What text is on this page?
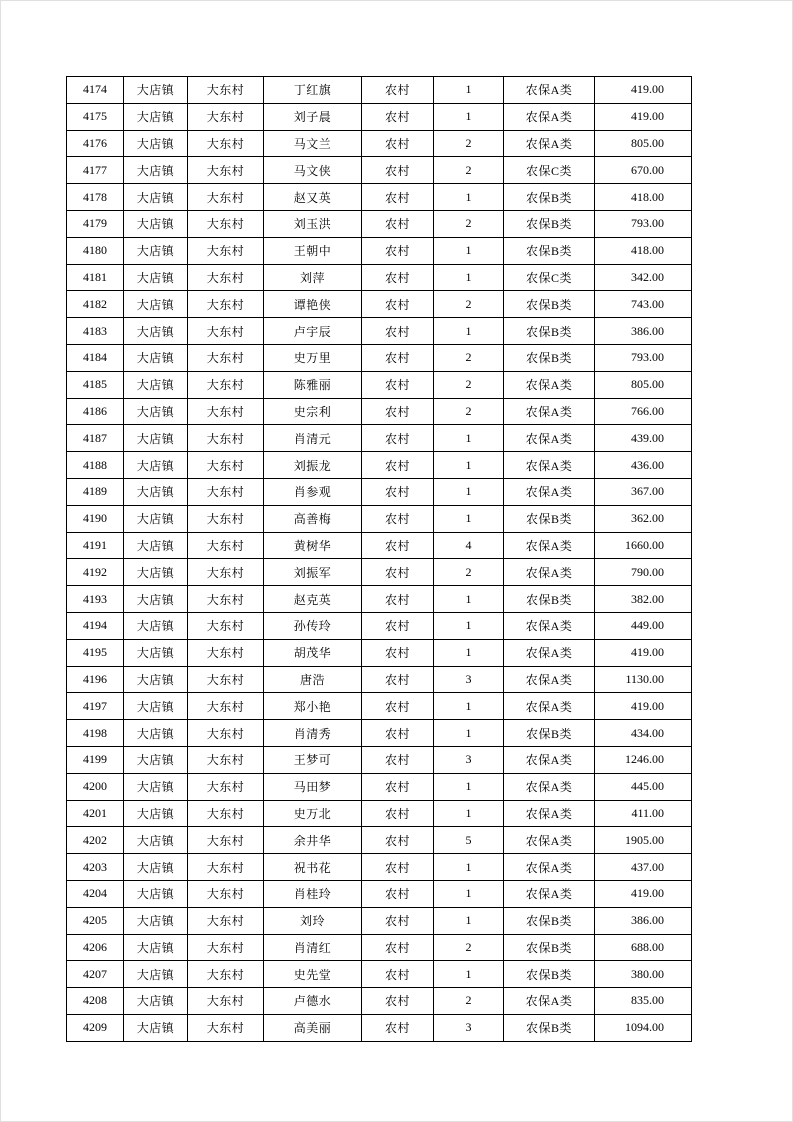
4174	大店镇	大东村	丁红旗	农村	1	农保A类	419.00
4175	大店镇	大东村	刘子晨	农村	1	农保A类	419.00
4176	大店镇	大东村	马文兰	农村	2	农保A类	805.00
4177	大店镇	大东村	马文侠	农村	2	农保C类	670.00
4178	大店镇	大东村	赵又英	农村	1	农保B类	418.00
4179	大店镇	大东村	刘玉洪	农村	2	农保B类	793.00
4180	大店镇	大东村	王朝中	农村	1	农保B类	418.00
4181	大店镇	大东村	刘萍	农村	1	农保C类	342.00
4182	大店镇	大东村	谭艳侠	农村	2	农保B类	743.00
4183	大店镇	大东村	卢宇辰	农村	1	农保B类	386.00
4184	大店镇	大东村	史万里	农村	2	农保B类	793.00
4185	大店镇	大东村	陈雅丽	农村	2	农保A类	805.00
4186	大店镇	大东村	史宗利	农村	2	农保A类	766.00
4187	大店镇	大东村	肖清元	农村	1	农保A类	439.00
4188	大店镇	大东村	刘振龙	农村	1	农保A类	436.00
4189	大店镇	大东村	肖参观	农村	1	农保A类	367.00
4190	大店镇	大东村	高善梅	农村	1	农保B类	362.00
4191	大店镇	大东村	黄树华	农村	4	农保A类	1660.00
4192	大店镇	大东村	刘振军	农村	2	农保A类	790.00
4193	大店镇	大东村	赵克英	农村	1	农保B类	382.00
4194	大店镇	大东村	孙传玲	农村	1	农保A类	449.00
4195	大店镇	大东村	胡茂华	农村	1	农保A类	419.00
4196	大店镇	大东村	唐浩	农村	3	农保A类	1130.00
4197	大店镇	大东村	郑小艳	农村	1	农保A类	419.00
4198	大店镇	大东村	肖清秀	农村	1	农保B类	434.00
4199	大店镇	大东村	王梦可	农村	3	农保A类	1246.00
4200	大店镇	大东村	马田梦	农村	1	农保A类	445.00
4201	大店镇	大东村	史万北	农村	1	农保A类	411.00
4202	大店镇	大东村	余井华	农村	5	农保A类	1905.00
4203	大店镇	大东村	祝书花	农村	1	农保A类	437.00
4204	大店镇	大东村	肖桂玲	农村	1	农保A类	419.00
4205	大店镇	大东村	刘玲	农村	1	农保B类	386.00
4206	大店镇	大东村	肖清红	农村	2	农保B类	688.00
4207	大店镇	大东村	史先堂	农村	1	农保B类	380.00
4208	大店镇	大东村	卢德水	农村	2	农保A类	835.00
4209	大店镇	大东村	高美丽	农村	3	农保B类	1094.00
